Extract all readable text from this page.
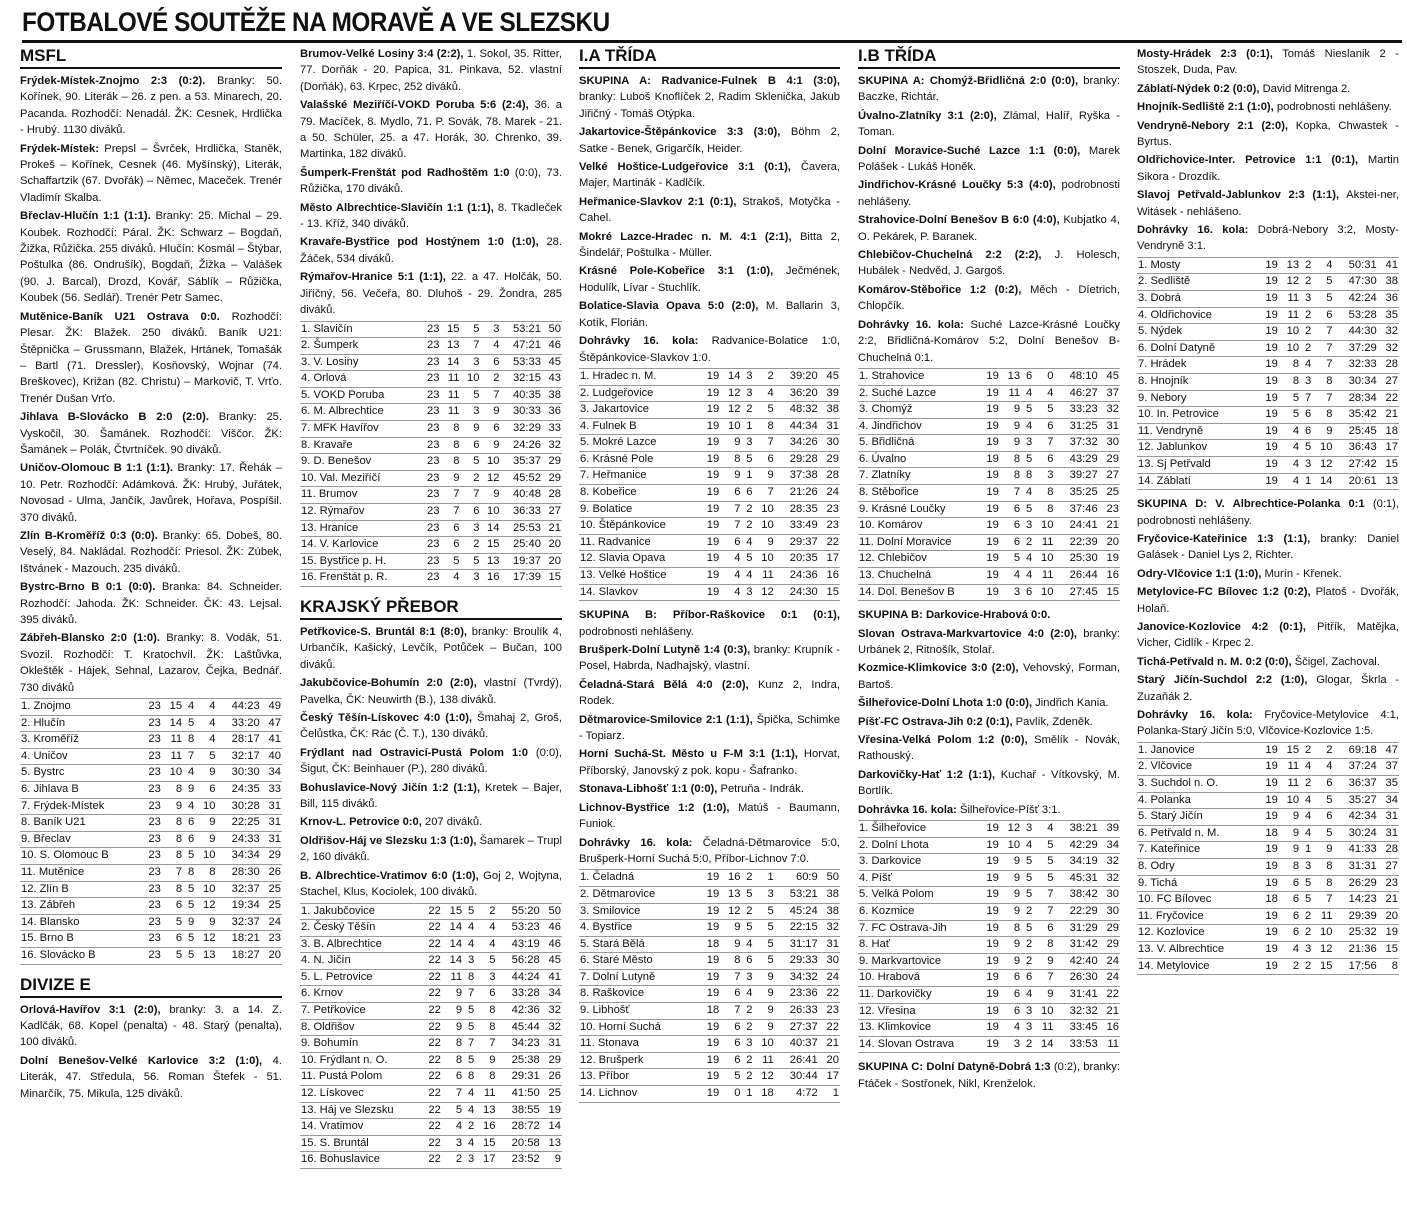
FOTBALOVÉ SOUTĚŽE NA MORAVĚ A VE SLEZSKU
MSFL

Frýdek-Místek-Znojmo 2:3 (0:2). Branky: 50. Kořínek, 90. Literák – 26. z pen. a 53. Minarech, 20. Pacanda. Rozhodčí: Nenadál. ŽK: Cesnek, Hrdlička - Hrubý. 1130 diváků.

Frýdek-Místek: Prepsl – Švrček, Hrdlička, Staněk, Prokeš – Kořínek, Cesnek (46. Myšínský), Literák, Schaffartzik (67. Dvořák) – Němec, Maceček. Trenér Vladimír Skalba.

Břeclav-Hlučín 1:1 (1:1). Branky: 25. Michal – 29. Koubek. Rozhodčí: Páral. ŽK: Schwarz – Bogdaň, Žižka, Růžička. 255 diváků. Hlučín: Kosmál – Štýbar, Poštulka (86. Ondrušík), Bogdaň, Žižka – Valášek (90. J. Barcal), Drozd, Kovář, Sáblík – Růžička, Koubek (56. Sedlář). Trenér Petr Samec.

Mutěnice-Baník U21 Ostrava 0:0. Rozhodčí: Plesar. ŽK: Blažek. 250 diváků. Baník U21: Štěpnička – Grussmann, Blažek, Hrtánek, Tomašák – Bartl (71. Dressler), Kosňovský, Wojnar (74. Breškovec), Križan (82. Christu) – Markovič, T. Vrťo. Trenér Dušan Vrťo.

Jihlava B-Slovácko B 2:0 (2:0). Branky: 25. Vyskočil, 30. Šamánek. Rozhodčí: Viščor. ŽK: Šamánek – Polák, Čtvrtníček. 90 diváků.

Uničov-Olomouc B 1:1 (1:1). Branky: 17. Řehák – 10. Petr. Rozhodčí: Adámková. ŽK: Hrubý, Juřátek, Novosad - Ulma, Jančík, Javůrek, Hořava, Pospíšil. 370 diváků.

Zlín B-Kroměříž 0:3 (0:0). Branky: 65. Dobeš, 80. Veselý, 84. Nakládal. Rozhodčí: Priesol. ŽK: Zúbek, Ištvánek - Mazouch. 235 diváků.

Bystrc-Brno B 0:1 (0:0). Branka: 84. Schneider. Rozhodčí: Jahoda. ŽK: Schneider. ČK: 43. Lejsal. 395 diváků.

Zábřeh-Blansko 2:0 (1:0). Branky: 8. Vodák, 51. Svozil. Rozhodčí: T. Kratochvíl. ŽK: Laštůvka, Okleštěk - Hájek, Sehnal, Lazarov, Čejka, Bednář. 730 diváků

1. Znojmo	23	15	4	4	44:23	49
2. Hlučín	23	14	5	4	33:20	47
3. Kroměříž	23	11	8	4	28:17	41
4. Uničov	23	11	7	5	32:17	40
5. Bystrc	23	10	4	9	30:30	34
6. Jihlava B	23	8	9	6	24:35	33
7. Frýdek-Místek	23	9	4	10	30:28	31
8. Baník U21	23	8	6	9	22:25	31
9. Břeclav	23	8	6	9	24:33	31
10. S. Olomouc B	23	8	5	10	34:34	29
11. Mutěnice	23	7	8	8	28:30	26
12. Zlín B	23	8	5	10	32:37	25
13. Zábřeh	23	6	5	12	19:34	25
14. Blansko	23	5	9	9	32:37	24
15. Brno B	23	6	5	12	18:21	23
16. Slovácko B	23	5	5	13	18:27	20
DIVIZE E

Orlová-Havířov 3:1 (2:0), branky: 3. a 14. Z. Kadlčák, 68. Kopel (penalta) - 48. Starý (penalta), 100 diváků.

Dolní Benešov-Velké Karlovice 3:2 (1:0), 4. Literák, 47. Středula, 56. Roman Štefek - 51. Minarčík, 75. Mikula, 125 diváků.

Brumov-Velké Losiny 3:4 (2:2), 1. Sokol, 35. Ritter, 77. Dorňák - 20. Papica, 31. Pinkava, 52. vlastní (Dorňák), 63. Krpec, 252 diváků.

Valašské Meziříčí-VOKD Poruba 5:6 (2:4), 36. a 79. Macíček, 8. Mydlo, 71. P. Sovák, 78. Marek - 21. a 50. Schüler, 25. a 47. Horák, 30. Chrenko, 39. Martinka, 182 diváků.

Šumperk-Frenštát pod Radhoštěm 1:0 (0:0), 73. Růžička, 170 diváků.

Město Albrechtice-Slavičín 1:1 (1:1), 8. Tkadleček - 13. Kříž, 340 diváků.

Kravaře-Bystřice pod Hostýnem 1:0 (1:0), 28. Žáček, 534 diváků.

Rýmařov-Hranice 5:1 (1:1), 22. a 47. Holčák, 50. Jiříčný, 56. Večeřa, 80. Dluhoš - 29. Žondra, 285 diváků.

1. Slavičín	23	15	5	3	53:21	50
2. Šumperk	23	13	7	4	47:21	46
3. V. Losiny	23	14	3	6	53:33	45
4. Orlová	23	11	10	2	32:15	43
5. VOKD Poruba	23	11	5	7	40:35	38
6. M. Albrechtice	23	11	3	9	30:33	36
7. MFK Havířov	23	8	9	6	32:29	33
8. Kravaře	23	8	6	9	24:26	32
9. D. Benešov	23	8	5	10	35:37	29
10. Val. Meziříčí	23	9	2	12	45:52	29
11. Brumov	23	7	7	9	40:48	28
12. Rýmařov	23	7	6	10	36:33	27
13. Hranice	23	6	3	14	25:53	21
14. V. Karlovice	23	6	2	15	25:40	20
15. Bystřice p. H.	23	5	5	13	19:37	20
16. Frenštát p. R.	23	4	3	16	17:39	15
KRAJSKÝ PŘEBOR

Petřkovice-S. Bruntál 8:1 (8:0), branky: Broulík 4, Urbančík, Kašický, Levčík, Potůček – Bučan, 100 diváků.

Jakubčovice-Bohumín 2:0 (2:0), vlastní (Tvrdý), Pavelka, ČK: Neuwirth (B.), 138 diváků.

Český Těšín-Lískovec 4:0 (1:0), Šmahaj 2, Groš, Čelůstka, ČK: Rác (Č. T.), 130 diváků.

Frýdlant nad Ostravicí-Pustá Polom 1:0 (0:0), Šigut, ČK: Beinhauer (P.), 280 diváků.

Bohuslavice-Nový Jičín 1:2 (1:1), Kretek – Bajer, Bill, 115 diváků.

Krnov-L. Petrovice 0:0, 207 diváků.

Oldřišov-Háj ve Slezsku 1:3 (1:0), Šamarek – Trupl 2, 160 diváků.

B. Albrechtice-Vratimov 6:0 (1:0), Goj 2, Wojtyna, Stachel, Klus, Kociolek, 100 diváků.

1. Jakubčovice	22	15	5	2	55:20	50
2. Český Těšín	22	14	4	4	53:23	46
3. B. Albrechtice	22	14	4	4	43:19	46
4. N. Jičín	22	14	3	5	56:28	45
5. L. Petrovice	22	11	8	3	44:24	41
6. Krnov	22	9	7	6	33:28	34
7. Petřkovice	22	9	5	8	42:36	32
8. Oldřišov	22	9	5	8	45:44	32
9. Bohumín	22	8	7	7	34:23	31
10. Frýdlant n. O.	22	8	5	9	25:38	29
11. Pustá Polom	22	6	8	8	29:31	26
12. Lískovec	22	7	4	11	41:50	25
13. Háj ve Slezsku	22	5	4	13	38:55	19
14. Vratimov	22	4	2	16	28:72	14
15. S. Bruntál	22	3	4	15	20:58	13
16. Bohuslavice	22	2	3	17	23:52	9
I.A TŘÍDA

SKUPINA A: Radvanice-Fulnek B 4:1 (3:0), branky: Luboš Knoflíček 2, Radim Sklenička, Jakub Jiřičný - Tomáš Otýpka.

Jakartovice-Štěpánkovice 3:3 (3:0), Böhm 2, Satke - Benek, Grigarčík, Heider.

Velké Hoštice-Ludgeřovice 3:1 (0:1), Čavera, Majer, Martinák - Kadlčík.

Heřmanice-Slavkov 2:1 (0:1), Strakoš, Motyčka - Cahel.

Mokré Lazce-Hradec n. M. 4:1 (2:1), Bitta 2, Šindelář, Poštulka - Müller.

Krásné Pole-Kobeřice 3:1 (1:0), Ječmének, Hodulík, Lívar - Stuchlík.

Bolatice-Slavia Opava 5:0 (2:0), M. Ballarin 3, Kotík, Florián.

Dohrávky 16. kola: Radvanice-Bolatice 1:0, Štěpánkovice-Slavkov 1:0.

1. Hradec n. M.	19	14	3	2	39:20	45
2. Ludgeřovice	19	12	3	4	36:20	39
3. Jakartovice	19	12	2	5	48:32	38
4. Fulnek B	19	10	1	8	44:34	31
5. Mokré Lazce	19	9	3	7	34:26	30
6. Krásné Pole	19	8	5	6	29:28	29
7. Heřmanice	19	9	1	9	37:38	28
8. Kobeřice	19	6	6	7	21:26	24
9. Bolatice	19	7	2	10	28:35	23
10. Štěpánkovice	19	7	2	10	33:49	23
11. Radvanice	19	6	4	9	29:37	22
12. Slavia Opava	19	4	5	10	20:35	17
13. Velké Hoštice	19	4	4	11	24:36	16
14. Slavkov	19	4	3	12	24:30	15

SKUPINA B: Příbor-Raškovice 0:1 (0:1), podrobnosti nehlášeny.

Brušperk-Dolní Lutyně 1:4 (0:3), branky: Krupník - Posel, Habrda, Nadhajský, vlastní.

Čeladná-Stará Bělá 4:0 (2:0), Kunz 2, Indra, Rodek.

Dětmarovice-Smilovice 2:1 (1:1), Špička, Schimke - Topiarz.

Horní Suchá-St. Město u F-M 3:1 (1:1), Horvat, Příborský, Janovský z pok. kopu - Šafranko.

Stonava-Libhošť 1:1 (0:0), Petruňa - Indrák.

Lichnov-Bystřice 1:2 (1:0), Matúš - Baumann, Funiok.

Dohrávky 16. kola: Čeladná-Dětmarovice 5:0, Brušperk-Horní Suchá 5:0, Příbor-Lichnov 7:0.

1. Čeladná	19	16	2	1	60:9	50
2. Dětmarovice	19	13	5	3	53:21	38
3. Smilovice	19	12	2	5	45:24	38
4. Bystřice	19	9	5	5	22:15	32
5. Stará Bělá	18	9	4	5	31:17	31
6. Staré Město	19	8	6	5	29:33	30
7. Dolní Lutyně	19	7	3	9	34:32	24
8. Raškovice	19	6	4	9	23:36	22
9. Libhošť	18	7	2	9	26:33	23
10. Horní Suchá	19	6	2	9	27:37	22
11. Stonava	19	6	3	10	40:37	21
12. Brušperk	19	6	2	11	26:41	20
13. Příbor	19	5	2	12	30:44	17
14. Lichnov	19	0	1	18	4:72	1
I.B TŘÍDA

SKUPINA A: Chomýž-Břidličná 2:0 (0:0), branky: Baczke, Richtár.

Úvalno-Zlatníky 3:1 (2:0), Zlámal, Halíř, Ryška - Toman.

Dolní Moravice-Suché Lazce 1:1 (0:0), Marek Polášek - Lukáš Honěk.

Jindřichov-Krásné Loučky 5:3 (4:0), podrobnosti nehlášeny.

Strahovice-Dolní Benešov B 6:0 (4:0), Kubjatko 4, O. Pekárek, P. Baranek.

Chlebičov-Chuchelná 2:2 (2:2), J. Holesch, Hubálek - Nedvěd, J. Gargoš.

Komárov-Stěbořice 1:2 (0:2), Měch - Díetrich, Chlopčík.

Dohrávky 16. kola: Suché Lazce-Krásné Loučky 2:2, Břidličná-Komárov 5:2, Dolní Benešov B-Chuchelná 0:1.

1. Strahovice	19	13	6	0	48:10	45
2. Suché Lazce	19	11	4	4	46:27	37
3. Chomýž	19	9	5	5	33:23	32
4. Jindřichov	19	9	4	6	31:25	31
5. Břidličná	19	9	3	7	37:32	30
6. Úvalno	19	8	5	6	43:29	29
7. Zlatníky	19	8	8	3	39:27	27
8. Stěbořice	19	7	4	8	35:25	25
9. Krásné Loučky	19	6	5	8	37:46	23
10. Komárov	19	6	3	10	24:41	21
11. Dolní Moravice	19	6	2	11	22:39	20
12. Chlebičov	19	5	4	10	25:30	19
13. Chuchelná	19	4	4	11	26:44	16
14. Dol. Benešov B	19	3	6	10	27:45	15

SKUPINA B: Darkovice-Hrabová 0:0.

Slovan Ostrava-Markvartovice 4:0 (2:0), branky: Urbánek 2, Ritnošík, Stolař.

Kozmice-Klimkovice 3:0 (2:0), Vehovský, Forman, Bartoš.

Šilheřovice-Dolní Lhota 1:0 (0:0), Jindřich Kania.

Píšť-FC Ostrava-Jih 0:2 (0:1), Pavlík, Zdeněk.

Vřesina-Velká Polom 1:2 (0:0), Smělík - Novák, Rathouský.

Darkovičky-Hať 1:2 (1:1), Kuchař - Vítkovský, M. Bortlík.

Dohrávka 16. kola: Šilheřovice-Píšť 3:1.

1. Šilheřovice	19	12	3	4	38:21	39
2. Dolní Lhota	19	10	4	5	42:29	34
3. Darkovice	19	9	5	5	34:19	32
4. Píšť	19	9	5	5	45:31	32
5. Velká Polom	19	9	5	7	38:42	30
6. Kozmice	19	9	2	7	22:29	30
7. FC Ostrava-Jih	19	8	5	6	31:29	29
8. Hať	19	9	2	8	31:42	29
9. Markvartovice	19	9	2	9	42:40	24
10. Hrabová	19	6	6	7	26:30	24
11. Darkovičky	19	6	4	9	31:41	22
12. Vřesina	19	6	3	10	32:32	21
13. Klimkovice	19	4	3	11	33:45	16
14. Slovan Ostrava	19	3	2	14	33:53	11

SKUPINA C: Dolní Datyně-Dobrá 1:3 (0:2), branky: Ftáček - Sostřonek, Nikl, Krenželok.

Mosty-Hrádek 2:3 (0:1), Tomáš Nieslanik 2 - Stoszek, Duda, Pav.

Záblatí-Nýdek 0:2 (0:0), David Mitrenga 2.

Hnojník-Sedliště 2:1 (1:0), podrobnosti nehlášeny.

Vendryně-Nebory 2:1 (2:0), Kopka, Chwastek - Byrtus.

Oldřichovice-Inter. Petrovice 1:1 (0:1), Martin Sikora - Drozdík.

Slavoj Petřvald-Jablunkov 2:3 (1:1), Akstei-ner, Witásek - nehlášeno.

Dohrávky 16. kola: Dobrá-Nebory 3:2, Mosty-Vendryně 3:1.

1. Mosty	19	13	2	4	50:31	41
2. Sedliště	19	12	2	5	47:30	38
3. Dobrá	19	11	3	5	42:24	36
4. Oldřichovice	19	11	2	6	53:28	35
5. Nýdek	19	10	2	7	44:30	32
6. Dolní Datyně	19	10	2	7	37:29	32
7. Hrádek	19	8	4	7	32:33	28
8. Hnojník	19	8	3	8	30:34	27
9. Nebory	19	5	7	7	28:34	22
10. In. Petrovice	19	5	6	8	35:42	21
11. Vendryně	19	4	6	9	25:45	18
12. Jablunkov	19	4	5	10	36:43	17
13. Sj Petřvald	19	4	3	12	27:42	15
14. Záblatí	19	4	1	14	20:61	13

SKUPINA D: V. Albrechtice-Polanka 0:1 (0:1), podrobnosti nehlášeny.

Fryčovice-Kateřinice 1:3 (1:1), branky: Daniel Galásek - Daniel Lys 2, Richter.

Odry-Vlčovice 1:1 (1:0), Murín - Křenek.

Metylovice-FC Bílovec 1:2 (0:2), Platoš - Dvořák, Holaň.

Janovice-Kozlovice 4:2 (0:1), Pitřík, Matějka, Vicher, Cidlík - Krpec 2.

Tichá-Petřvald n. M. 0:2 (0:0), Ščigel, Zachoval.

Starý Jičín-Suchdol 2:2 (1:0), Glogar, Škrla - Zuzaňák 2.

Dohrávky 16. kola: Fryčovice-Metylovice 4:1, Polanka-Starý Jičín 5:0, Vlčovice-Kozlovice 1:5.

1. Janovice	19	15	2	2	69:18	47
2. Vlčovice	19	11	4	4	37:24	37
3. Suchdol n. O.	19	11	2	6	36:37	35
4. Polanka	19	10	4	5	35:27	34
5. Starý Jičín	19	9	4	6	42:34	31
6. Petřvald n. M.	18	9	4	5	30:24	31
7. Kateřinice	19	9	1	9	41:33	28
8. Odry	19	8	3	8	31:31	27
9. Tichá	19	6	5	8	26:29	23
10. FC Bílovec	18	6	5	7	14:23	21
11. Fryčovice	19	6	2	11	29:39	20
12. Kozlovice	19	6	2	10	25:32	19
13. V. Albrechtice	19	4	3	12	21:36	15
14. Metylovice	19	2	2	15	17:56	8
